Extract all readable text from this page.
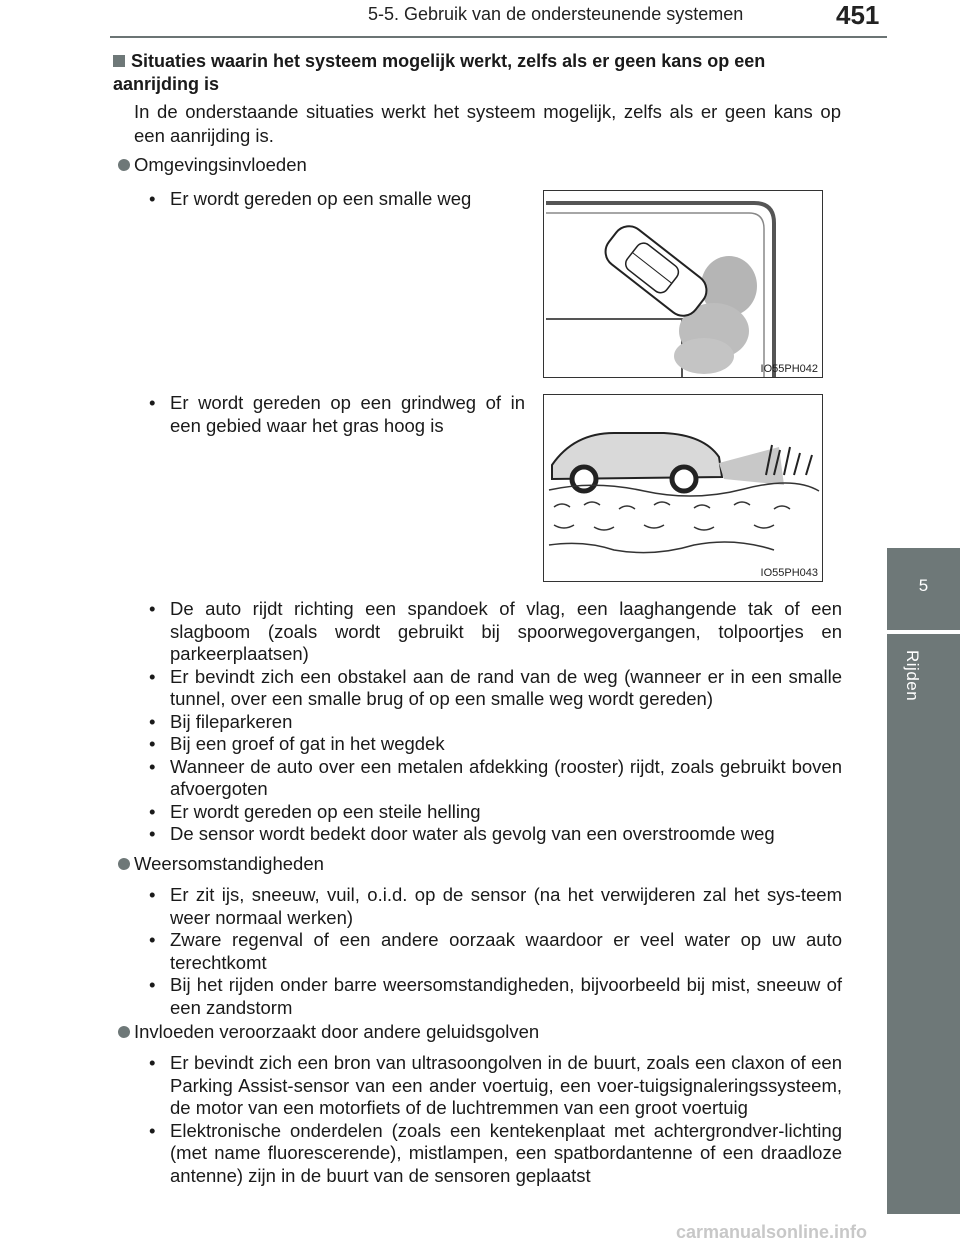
5-5. Gebruik van de ondersteunende systemen	451
5
Rijden
Situaties waarin het systeem mogelijk werkt, zelfs als er geen kans op een aanrijding is
In de onderstaande situaties werkt het systeem mogelijk, zelfs als er geen kans op een aanrijding is.
Omgevingsinvloeden
• Er wordt gereden op een smalle weg
IO55PH042
• Er wordt gereden op een grindweg of in een gebied waar het gras hoog is
IO55PH043
• De auto rijdt richting een spandoek of vlag, een laaghangende tak of een slagboom (zoals wordt gebruikt bij spoorwegovergangen, tolpoortjes en parkeerplaatsen)
• Er bevindt zich een obstakel aan de rand van de weg (wanneer er in een smalle tunnel, over een smalle brug of op een smalle weg wordt gereden)
• Bij fileparkeren
• Bij een groef of gat in het wegdek
• Wanneer de auto over een metalen afdekking (rooster) rijdt, zoals gebruikt boven afvoergoten
• Er wordt gereden op een steile helling
• De sensor wordt bedekt door water als gevolg van een overstroomde weg
Weersomstandigheden
• Er zit ijs, sneeuw, vuil, o.i.d. op de sensor (na het verwijderen zal het sys-teem weer normaal werken)
• Zware regenval of een andere oorzaak waardoor er veel water op uw auto terechtkomt
• Bij het rijden onder barre weersomstandigheden, bijvoorbeeld bij mist, sneeuw of een zandstorm
Invloeden veroorzaakt door andere geluidsgolven
• Er bevindt zich een bron van ultrasoongolven in de buurt, zoals een claxon of een Parking Assist-sensor van een ander voertuig, een voer-tuigsignaleringssysteem, de motor van een motorfiets of de luchtremmen van een groot voertuig
• Elektronische onderdelen (zoals een kentekenplaat met achtergrondver-lichting (met name fluorescerende), mistlampen, een spatbordantenne of een draadloze antenne) zijn in de buurt van de sensoren geplaatst
carmanualsonline.info
